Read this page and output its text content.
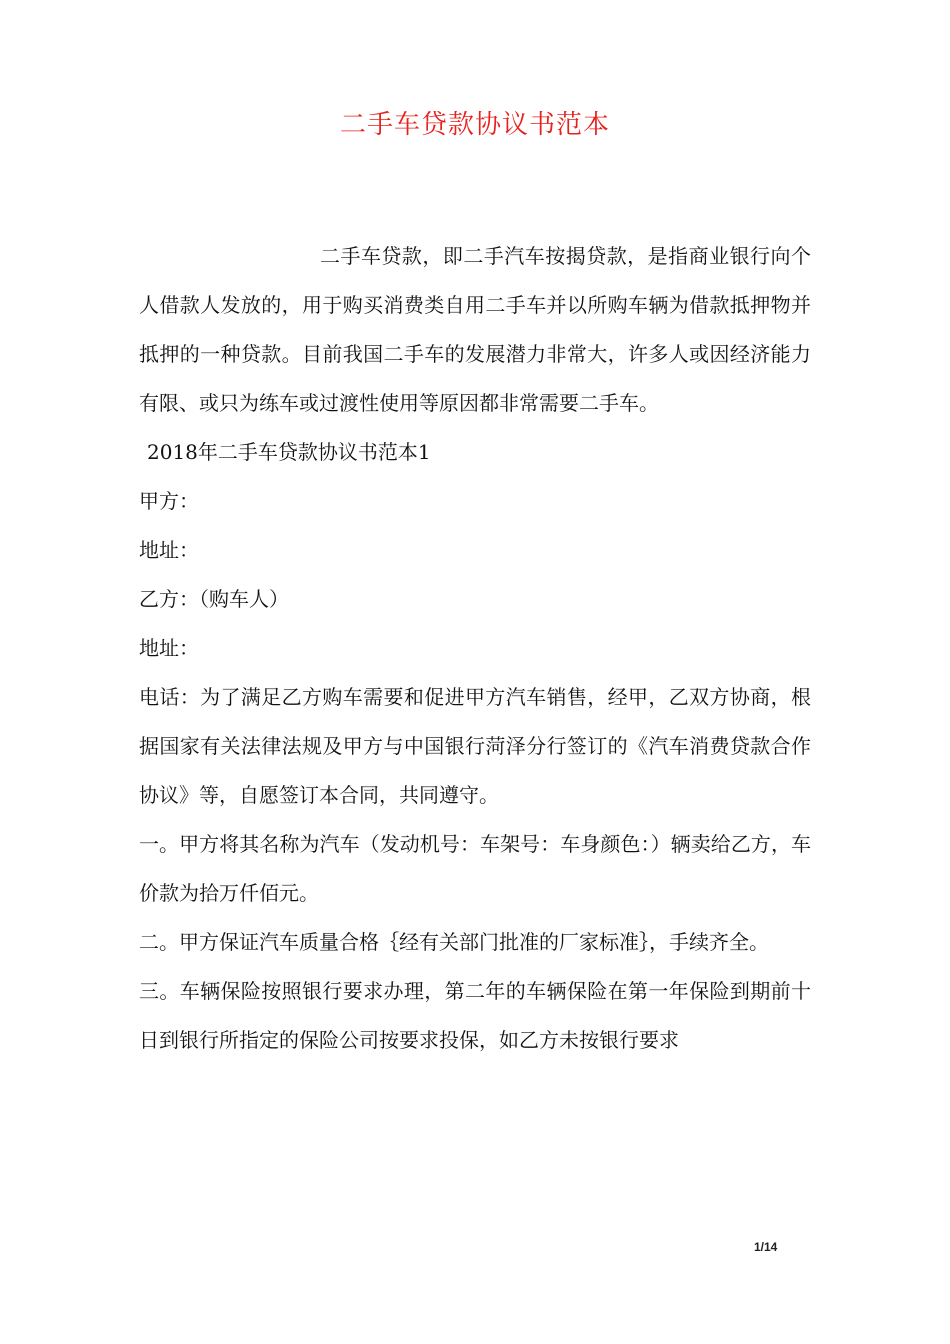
二手车贷款协议书范本

二手车贷款，即二手汽车按揭贷款，是指商业银行向个人借款人发放的，用于购买消费类自用二手车并以所购车辆为借款抵押物并抵押的一种贷款。目前我国二手车的发展潜力非常大，许多人或因经济能力有限、或只为练车或过渡性使用等原因都非常需要二手车。

2018年二手车贷款协议书范本1

甲方：

地址：

乙方：（购车人）

地址：

电话：为了满足乙方购车需要和促进甲方汽车销售，经甲，乙双方协商，根据国家有关法律法规及甲方与中国银行菏泽分行签订的《汽车消费贷款合作协议》等，自愿签订本合同，共同遵守。

一。甲方将其名称为汽车（发动机号：车架号：车身颜色：）辆卖给乙方，车价款为拾万仟佰元。

二。甲方保证汽车质量合格｛经有关部门批准的厂家标准｝，手续齐全。

三。车辆保险按照银行要求办理，第二年的车辆保险在第一年保险到期前十日到银行所指定的保险公司按要求投保，如乙方未按银行要求

1/14
